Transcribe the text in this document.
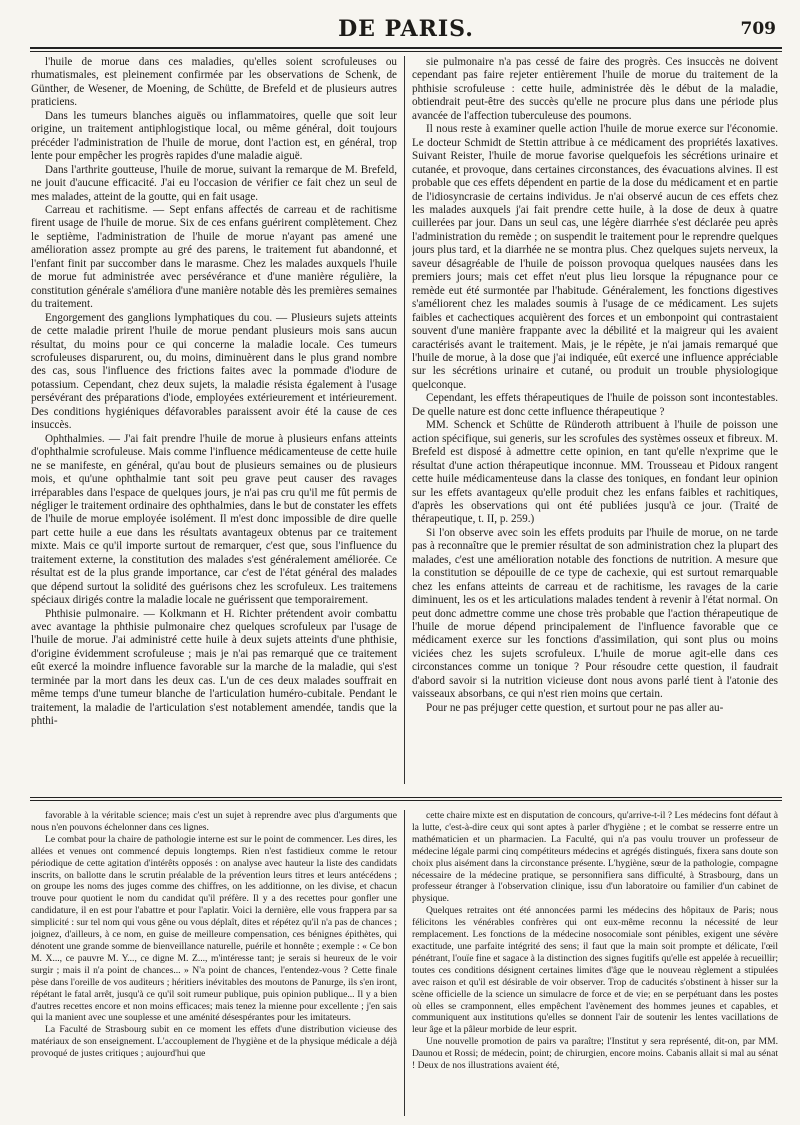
DE PARIS.	709

l'huile de morue dans ces maladies, qu'elles soient scrofuleuses ou rhumatismales, est pleinement confirmée par les observations de Schenk, de Günther, de Wesener, de Moening, de Schütte, de Brefeld et de plusieurs autres praticiens.

Dans les tumeurs blanches aiguës ou inflammatoires, quelle que soit leur origine, un traitement antiphlogistique local, ou même général, doit toujours précéder l'administration de l'huile de morue, dont l'action est, en général, trop lente pour empêcher les progrès rapides d'une maladie aiguë.

Dans l'arthrite goutteuse, l'huile de morue, suivant la remarque de M. Brefeld, ne jouit d'aucune efficacité. J'ai eu l'occasion de vérifier ce fait chez un seul de mes malades, atteint de la goutte, qui en fait usage.

Carreau et rachitisme. — Sept enfans affectés de carreau et de rachitisme firent usage de l'huile de morue. Six de ces enfans guérirent complètement. Chez le septième, l'administration de l'huile de morue n'ayant pas amené une amélioration assez prompte au gré des parens, le traitement fut abandonné, et l'enfant finit par succomber dans le marasme. Chez les malades auxquels l'huile de morue fut administrée avec persévérance et d'une manière régulière, la constitution générale s'améliora d'une manière notable dès les premières semaines du traitement.

Engorgement des ganglions lymphatiques du cou. — Plusieurs sujets atteints de cette maladie prirent l'huile de morue pendant plusieurs mois sans aucun résultat, du moins pour ce qui concerne la maladie locale. Ces tumeurs scrofuleuses disparurent, ou, du moins, diminuèrent dans le plus grand nombre des cas, sous l'influence des frictions faites avec la pommade d'iodure de potassium. Cependant, chez deux sujets, la maladie résista également à l'usage persévérant des préparations d'iode, employées extérieurement et intérieurement. Des conditions hygiéniques défavorables paraissent avoir été la cause de ces insuccès.

Ophthalmies. — J'ai fait prendre l'huile de morue à plusieurs enfans atteints d'ophthalmie scrofuleuse. Mais comme l'influence médicamenteuse de cette huile ne se manifeste, en général, qu'au bout de plusieurs semaines ou de plusieurs mois, et qu'une ophthalmie tant soit peu grave peut causer des ravages irréparables dans l'espace de quelques jours, je n'ai pas cru qu'il me fût permis de négliger le traitement ordinaire des ophthalmies, dans le but de constater les effets de l'huile de morue employée isolément. Il m'est donc impossible de dire quelle part cette huile a eue dans les résultats avantageux obtenus par ce traitement mixte. Mais ce qu'il importe surtout de remarquer, c'est que, sous l'influence du traitement externe, la constitution des malades s'est généralement améliorée. Ce résultat est de la plus grande importance, car c'est de l'état général des malades que dépend surtout la solidité des guérisons chez les scrofuleux. Les traitemens spéciaux dirigés contre la maladie locale ne guérissent que temporairement.

Phthisie pulmonaire. — Kolkmann et H. Richter prétendent avoir combattu avec avantage la phthisie pulmonaire chez quelques scrofuleux par l'usage de l'huile de morue. J'ai administré cette huile à deux sujets atteints d'une phthisie, d'origine évidemment scrofuleuse ; mais je n'ai pas remarqué que ce traitement eût exercé la moindre influence favorable sur la marche de la maladie, qui s'est terminée par la mort dans les deux cas. L'un de ces deux malades souffrait en même temps d'une tumeur blanche de l'articulation huméro-cubitale. Pendant le traitement, la maladie de l'articulation s'est notablement amendée, tandis que la phthi-

sie pulmonaire n'a pas cessé de faire des progrès. Ces insuccès ne doivent cependant pas faire rejeter entièrement l'huile de morue du traitement de la phthisie scrofuleuse : cette huile, administrée dès le début de la maladie, obtiendrait peut-être des succès qu'elle ne procure plus dans une période plus avancée de l'affection tuberculeuse des poumons.

Il nous reste à examiner quelle action l'huile de morue exerce sur l'économie. Le docteur Schmidt de Stettin attribue à ce médicament des propriétés laxatives. Suivant Reister, l'huile de morue favorise quelquefois les sécrétions urinaire et cutanée, et provoque, dans certaines circonstances, des évacuations alvines. Il est probable que ces effets dépendent en partie de la dose du médicament et en partie de l'idiosyncrasie de certains individus. Je n'ai observé aucun de ces effets chez les malades auxquels j'ai fait prendre cette huile, à la dose de deux à quatre cuillerées par jour. Dans un seul cas, une légère diarrhée s'est déclarée peu après l'administration du remède ; on suspendit le traitement pour le reprendre quelques jours plus tard, et la diarrhée ne se montra plus. Chez quelques sujets nerveux, la saveur désagréable de l'huile de poisson provoqua quelques nausées dans les premiers jours; mais cet effet n'eut plus lieu lorsque la répugnance pour ce remède eut été surmontée par l'habitude. Généralement, les fonctions digestives s'améliorent chez les malades soumis à l'usage de ce médicament. Les sujets faibles et cachectiques acquièrent des forces et un embonpoint qui contrastaient souvent d'une manière frappante avec la débilité et la maigreur qui les avaient caractérisés avant le traitement. Mais, je le répète, je n'ai jamais remarqué que l'huile de morue, à la dose que j'ai indiquée, eût exercé une influence appréciable sur les sécrétions urinaire et cutané, ou produit un trouble physiologique quelconque.

Cependant, les effets thérapeutiques de l'huile de poisson sont incontestables. De quelle nature est donc cette influence thérapeutique ?

MM. Schenck et Schütte de Ründeroth attribuent à l'huile de poisson une action spécifique, sui generis, sur les scrofules des systèmes osseux et fibreux. M. Brefeld est disposé à admettre cette opinion, en tant qu'elle n'exprime que le résultat d'une action thérapeutique inconnue. MM. Trousseau et Pidoux rangent cette huile médicamenteuse dans la classe des toniques, en fondant leur opinion sur les effets avantageux qu'elle produit chez les enfans faibles et rachitiques, d'après les observations qui ont été publiées jusqu'à ce jour. (Traité de thérapeutique, t. II, p. 259.)

Si l'on observe avec soin les effets produits par l'huile de morue, on ne tarde pas à reconnaître que le premier résultat de son administration chez la plupart des malades, c'est une amélioration notable des fonctions de nutrition. A mesure que la constitution se dépouille de ce type de cachexie, qui est surtout remarquable chez les enfans atteints de carreau et de rachitisme, les ravages de la carie diminuent, les os et les articulations malades tendent à revenir à l'état normal. On peut donc admettre comme une chose très probable que l'action thérapeutique de l'huile de morue dépend principalement de l'influence favorable que ce médicament exerce sur les fonctions d'assimilation, qui sont plus ou moins viciées chez les sujets scrofuleux. L'huile de morue agit-elle dans ces circonstances comme un tonique ? Pour résoudre cette question, il faudrait d'abord savoir si la nutrition vicieuse dont nous avons parlé tient à l'atonie des vaisseaux absorbans, ce qui n'est rien moins que certain.

Pour ne pas préjuger cette question, et surtout pour ne pas aller au-

favorable à la véritable science; mais c'est un sujet à reprendre avec plus d'arguments que nous n'en pouvons échelonner dans ces lignes.

Le combat pour la chaire de pathologie interne est sur le point de commencer. Les dires, les allées et venues ont commencé depuis longtemps. Rien n'est fastidieux comme le retour périodique de cette agitation d'intérêts opposés : on analyse avec hauteur la liste des candidats inscrits, on ballotte dans le scrutin préalable de la prévention leurs titres et leurs antécédens ; on groupe les noms des juges comme des chiffres, on les additionne, on les divise, et chacun trouve pour quotient le nom du candidat qu'il préfère. Il y a des recettes pour gonfler une candidature, il en est pour l'abattre et pour l'aplatir. Voici la dernière, elle vous frappera par sa simplicité : sur tel nom qui vous gêne ou vous déplaît, dites et répétez qu'il n'a pas de chances ; joignez, d'ailleurs, à ce nom, en guise de meilleure compensation, ces bénignes épithètes, qui dénotent une grande somme de bienveillance naturelle, puérile et honnête ; exemple : « Ce bon M. X..., ce pauvre M. Y..., ce digne M. Z..., m'intéresse tant; je serais si heureux de le voir surgir ; mais il n'a point de chances... » N'a point de chances, l'entendez-vous ? Cette finale pèse dans l'oreille de vos auditeurs ; héritiers inévitables des moutons de Panurge, ils s'en iront, répétant le fatal arrêt, jusqu'à ce qu'il soit rumeur publique, puis opinion publique... Il y a bien d'autres recettes encore et non moins efficaces; mais tenez la mienne pour excellente ; j'en sais qui la manient avec une souplesse et une aménité désespérantes pour les imitateurs.

La Faculté de Strasbourg subit en ce moment les effets d'une distribution vicieuse des matériaux de son enseignement. L'accouplement de l'hygiène et de la physique médicale a déjà provoqué de justes critiques ; aujourd'hui que

cette chaire mixte est en disputation de concours, qu'arrive-t-il ? Les médecins font défaut à la lutte, c'est-à-dire ceux qui sont aptes à parler d'hygiène ; et le combat se resserre entre un mathématicien et un pharmacien. La Faculté, qui n'a pas voulu trouver un professeur de médecine légale parmi cinq compétiteurs médecins et agrégés distingués, fixera sans doute son choix plus aisément dans la circonstance présente. L'hygiène, sœur de la pathologie, compagne nécessaire de la médecine pratique, se personnifiera sans difficulté, à Strasbourg, dans un professeur étranger à l'observation clinique, issu d'un laboratoire ou familier d'un cabinet de physique.

Quelques retraites ont été annoncées parmi les médecins des hôpitaux de Paris; nous félicitons les vénérables confrères qui ont eux-même reconnu la nécessité de leur remplacement. Les fonctions de la médecine nosocomiale sont pénibles, exigent une sévère exactitude, une parfaite intégrité des sens; il faut que la main soit prompte et délicate, l'œil pénétrant, l'ouïe fine et sagace à la distinction des signes fugitifs qu'elle est appelée à recueillir; toutes ces conditions désignent certaines limites d'âge que le nouveau règlement a stipulées avec raison et qu'il est désirable de voir observer. Trop de caducités s'obstinent à hisser sur la scène officielle de la science un simulacre de force et de vie; en se perpétuant dans les postes où elles se cramponnent, elles empêchent l'avènement des hommes jeunes et capables, et communiquent aux institutions qu'elles se donnent l'air de soutenir les lentes vacillations de leur âge et la pâleur morbide de leur esprit.

Une nouvelle promotion de pairs va paraître; l'Institut y sera représenté, dit-on, par MM. Daunou et Rossi; de médecin, point; de chirurgien, encore moins. Cabanis allait si mal au sénat ! Deux de nos illustrations avaient été,
